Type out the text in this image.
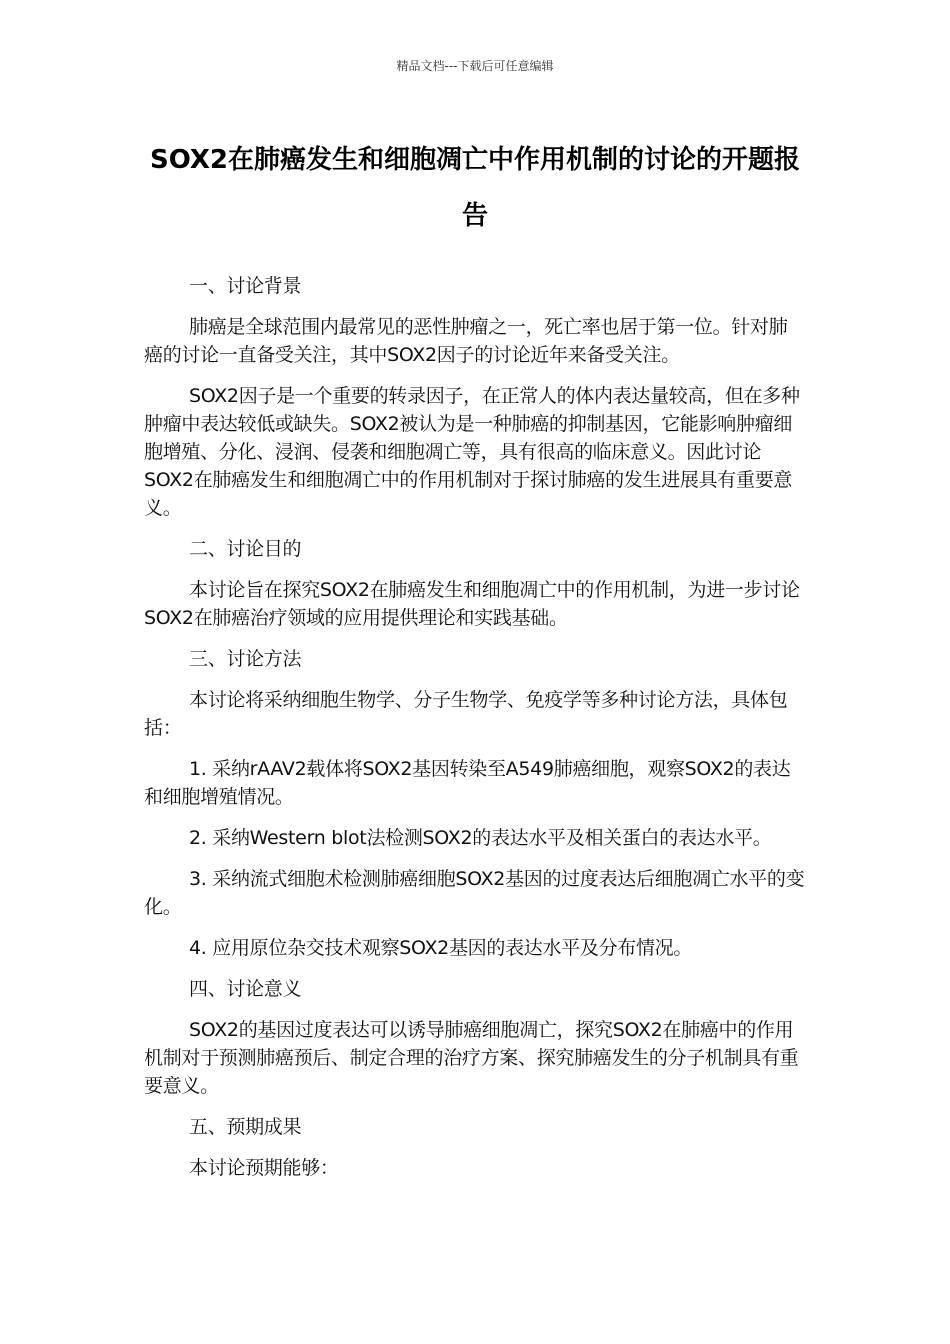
精品文档---下载后可任意编辑
SOX2在肺癌发生和细胞凋亡中作用机制的讨论的开题报告

一、讨论背景

肺癌是全球范围内最常见的恶性肿瘤之一，死亡率也居于第一位。针对肺癌的讨论一直备受关注，其中SOX2因子的讨论近年来备受关注。

SOX2因子是一个重要的转录因子，在正常人的体内表达量较高，但在多种肿瘤中表达较低或缺失。SOX2被认为是一种肺癌的抑制基因，它能影响肿瘤细胞增殖、分化、浸润、侵袭和细胞凋亡等，具有很高的临床意义。因此讨论SOX2在肺癌发生和细胞凋亡中的作用机制对于探讨肺癌的发生进展具有重要意义。

二、讨论目的

本讨论旨在探究SOX2在肺癌发生和细胞凋亡中的作用机制，为进一步讨论SOX2在肺癌治疗领域的应用提供理论和实践基础。

三、讨论方法

本讨论将采纳细胞生物学、分子生物学、免疫学等多种讨论方法，具体包括：

1. 采纳rAAV2载体将SOX2基因转染至A549肺癌细胞，观察SOX2的表达和细胞增殖情况。

2. 采纳Western blot法检测SOX2的表达水平及相关蛋白的表达水平。

3. 采纳流式细胞术检测肺癌细胞SOX2基因的过度表达后细胞凋亡水平的变化。

4. 应用原位杂交技术观察SOX2基因的表达水平及分布情况。

四、讨论意义

SOX2的基因过度表达可以诱导肺癌细胞凋亡，探究SOX2在肺癌中的作用机制对于预测肺癌预后、制定合理的治疗方案、探究肺癌发生的分子机制具有重要意义。

五、预期成果

本讨论预期能够：
